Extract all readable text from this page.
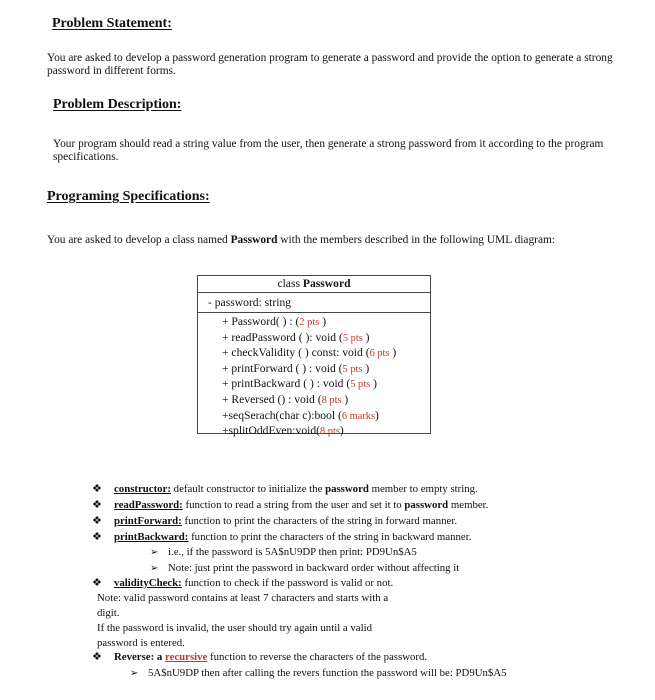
Problem Statement:
You are asked to develop a password generation program to generate a password and provide the option to generate a strong password in different forms.
Problem Description:
Your program should read a string value from the user, then generate a strong password from it according to the program specifications.
Programing Specifications:
You are asked to develop a class named Password with the members described in the following UML diagram:
class Password
- password: string
+ Password( ) : (2 pts )
+ readPassword ( ): void (5 pts )
+ checkValidity ( ) const: void (6 pts )
+ printForward ( ) : void (5 pts )
+ printBackward ( ) : void (5 pts )
+ Reversed () : void (8 pts )
+seqSerach(char c):bool (6 marks)
+splitOddEven:void(8 pts)
❖ constructor: default constructor to initialize the password member to empty string.
❖ readPassword: function to read a string from the user and set it to password member.
❖ printForward: function to print the characters of the string in forward manner.
❖ printBackward: function to print the characters of the string in backward manner.
➢ i.e., if the password is 5A$nU9DP then print: PD9Un$A5
➢ Note: just print the password in backward order without affecting it
❖ validityCheck: function to check if the password is valid or not.
Note: valid password contains at least 7 characters and starts with a
digit.
If the password is invalid, the user should try again until a valid
password is entered.
❖ Reverse: a recursive function to reverse the characters of the password.
➢ 5A$nU9DP then after calling the revers function the password will be: PD9Un$A5
